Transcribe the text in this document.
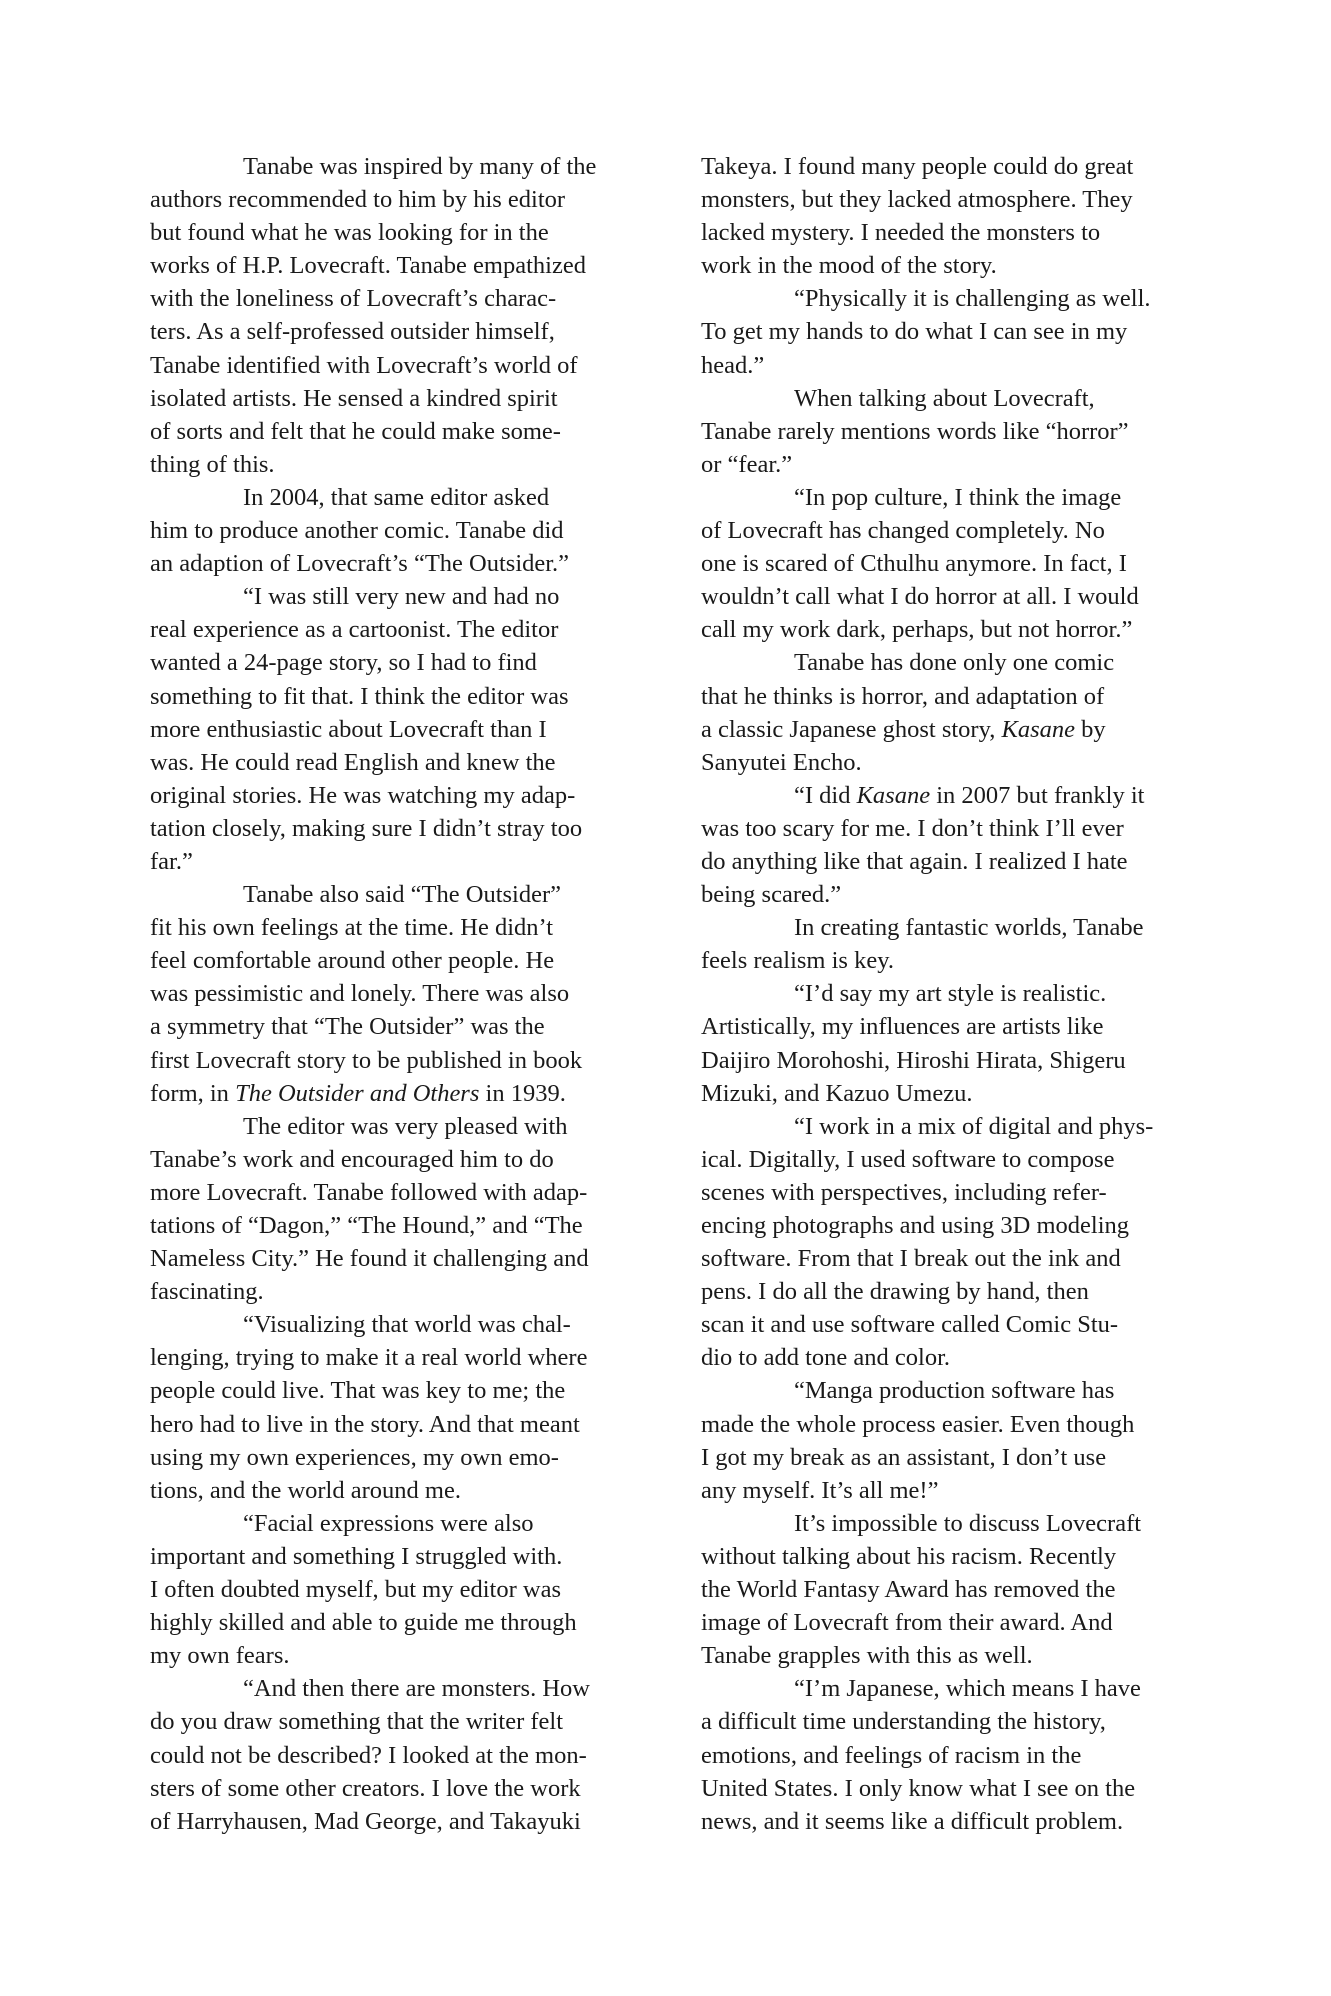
Tanabe was inspired by many of the
authors recommended to him by his editor
but found what he was looking for in the
works of H.P. Lovecraft. Tanabe empathized
with the loneliness of Lovecraft’s charac-
ters. As a self-professed outsider himself,
Tanabe identified with Lovecraft’s world of
isolated artists. He sensed a kindred spirit
of sorts and felt that he could make some-
thing of this.
In 2004, that same editor asked
him to produce another comic. Tanabe did
an adaption of Lovecraft’s “The Outsider.”
“I was still very new and had no
real experience as a cartoonist. The editor
wanted a 24-page story, so I had to find
something to fit that. I think the editor was
more enthusiastic about Lovecraft than I
was. He could read English and knew the
original stories. He was watching my adap-
tation closely, making sure I didn’t stray too
far.”
Tanabe also said “The Outsider”
fit his own feelings at the time. He didn’t
feel comfortable around other people. He
was pessimistic and lonely. There was also
a symmetry that “The Outsider” was the
first Lovecraft story to be published in book
form, in The Outsider and Others in 1939.
The editor was very pleased with
Tanabe’s work and encouraged him to do
more Lovecraft. Tanabe followed with adap-
tations of “Dagon,” “The Hound,” and “The
Nameless City.” He found it challenging and
fascinating.
“Visualizing that world was chal-
lenging, trying to make it a real world where
people could live. That was key to me; the
hero had to live in the story. And that meant
using my own experiences, my own emo-
tions, and the world around me.
“Facial expressions were also
important and something I struggled with.
I often doubted myself, but my editor was
highly skilled and able to guide me through
my own fears.
“And then there are monsters. How
do you draw something that the writer felt
could not be described? I looked at the mon-
sters of some other creators. I love the work
of Harryhausen, Mad George, and Takayuki
Takeya. I found many people could do great
monsters, but they lacked atmosphere. They
lacked mystery. I needed the monsters to
work in the mood of the story.
“Physically it is challenging as well.
To get my hands to do what I can see in my
head.”
When talking about Lovecraft,
Tanabe rarely mentions words like “horror”
or “fear.”
“In pop culture, I think the image
of Lovecraft has changed completely. No
one is scared of Cthulhu anymore. In fact, I
wouldn’t call what I do horror at all. I would
call my work dark, perhaps, but not horror.”
Tanabe has done only one comic
that he thinks is horror, and adaptation of
a classic Japanese ghost story, Kasane by
Sanyutei Encho.
“I did Kasane in 2007 but frankly it
was too scary for me. I don’t think I’ll ever
do anything like that again. I realized I hate
being scared.”
In creating fantastic worlds, Tanabe
feels realism is key.
“I’d say my art style is realistic.
Artistically, my influences are artists like
Daijiro Morohoshi, Hiroshi Hirata, Shigeru
Mizuki, and Kazuo Umezu.
“I work in a mix of digital and phys-
ical. Digitally, I used software to compose
scenes with perspectives, including refer-
encing photographs and using 3D modeling
software. From that I break out the ink and
pens. I do all the drawing by hand, then
scan it and use software called Comic Stu-
dio to add tone and color.
“Manga production software has
made the whole process easier. Even though
I got my break as an assistant, I don’t use
any myself. It’s all me!”
It’s impossible to discuss Lovecraft
without talking about his racism. Recently
the World Fantasy Award has removed the
image of Lovecraft from their award. And
Tanabe grapples with this as well.
“I’m Japanese, which means I have
a difficult time understanding the history,
emotions, and feelings of racism in the
United States. I only know what I see on the
news, and it seems like a difficult problem.
